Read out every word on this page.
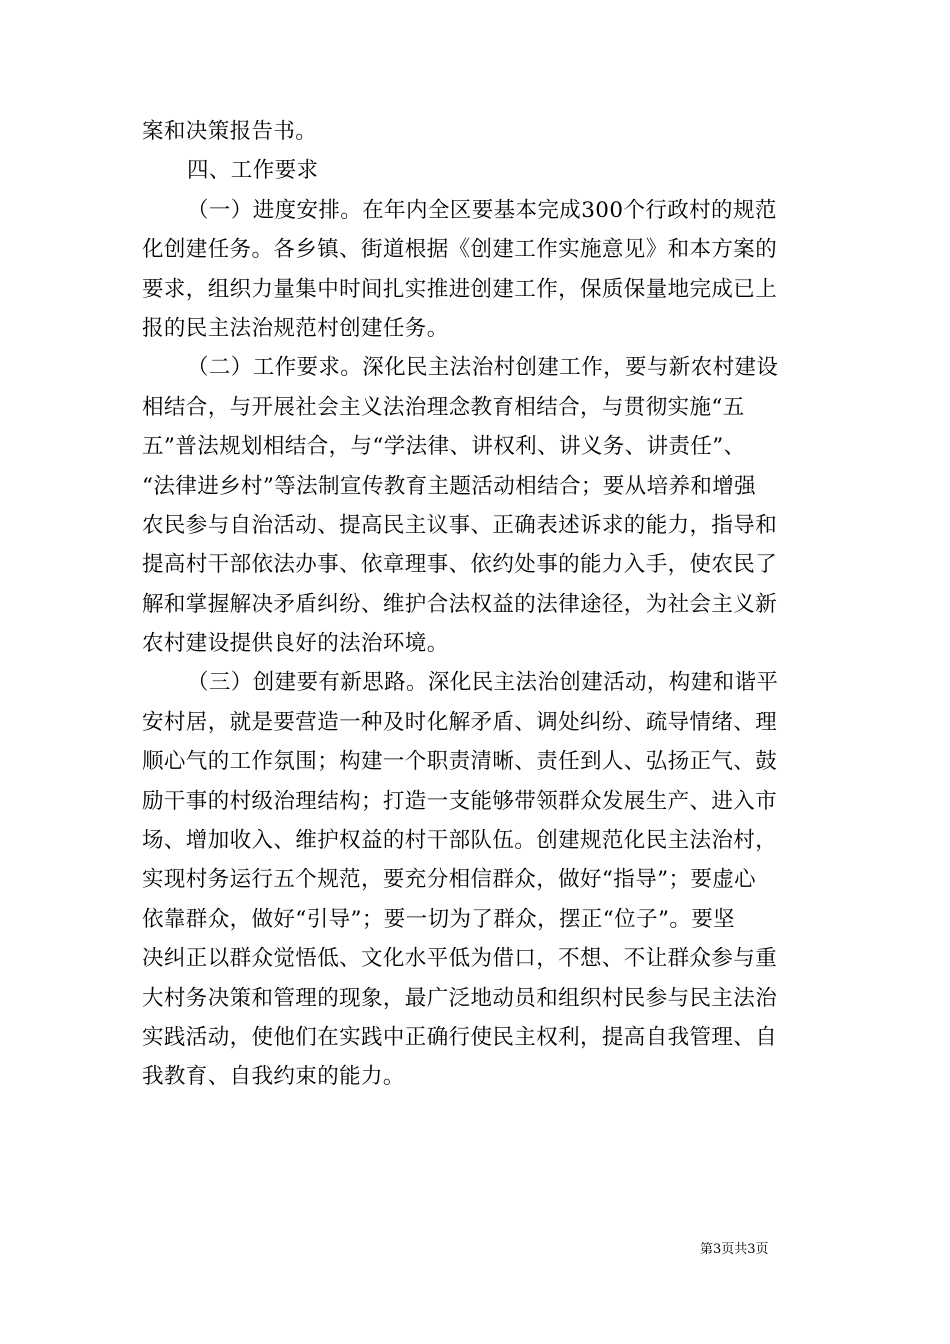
案和决策报告书。
四、工作要求
（一）进度安排。在年内全区要基本完成300个行政村的规范
化创建任务。各乡镇、街道根据《创建工作实施意见》和本方案的
要求，组织力量集中时间扎实推进创建工作，保质保量地完成已上
报的民主法治规范村创建任务。
（二）工作要求。深化民主法治村创建工作，要与新农村建设
相结合，与开展社会主义法治理念教育相结合，与贯彻实施“五
五”普法规划相结合，与“学法律、讲权利、讲义务、讲责任”、
“法律进乡村”等法制宣传教育主题活动相结合；要从培养和增强
农民参与自治活动、提高民主议事、正确表述诉求的能力，指导和
提高村干部依法办事、依章理事、依约处事的能力入手，使农民了
解和掌握解决矛盾纠纷、维护合法权益的法律途径，为社会主义新
农村建设提供良好的法治环境。
（三）创建要有新思路。深化民主法治创建活动，构建和谐平
安村居，就是要营造一种及时化解矛盾、调处纠纷、疏导情绪、理
顺心气的工作氛围；构建一个职责清晰、责任到人、弘扬正气、鼓
励干事的村级治理结构；打造一支能够带领群众发展生产、进入市
场、增加收入、维护权益的村干部队伍。创建规范化民主法治村，
实现村务运行五个规范，要充分相信群众，做好“指导”；要虚心
依靠群众，做好“引导”；要一切为了群众，摆正“位子”。要坚
决纠正以群众觉悟低、文化水平低为借口，不想、不让群众参与重
大村务决策和管理的现象，最广泛地动员和组织村民参与民主法治
实践活动，使他们在实践中正确行使民主权利，提高自我管理、自
我教育、自我约束的能力。
第3页共3页
